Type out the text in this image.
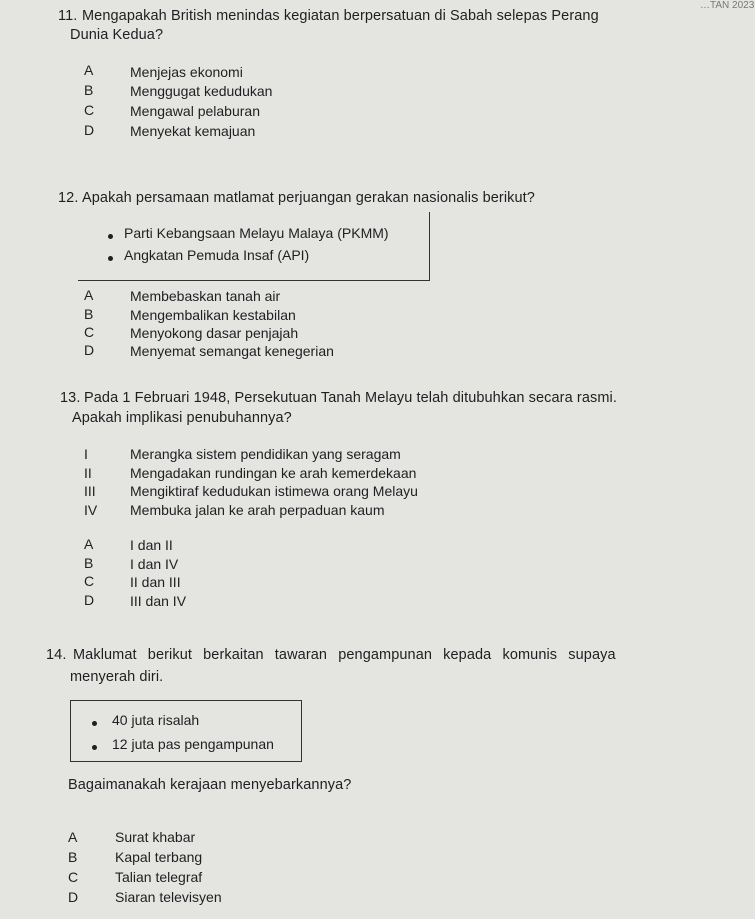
…TAN 2023
11. Mengapakah British menindas kegiatan berpersatuan di Sabah selepas Perang
Dunia Kedua?
A	Menjejas ekonomi
B	Menggugat kedudukan
C	Mengawal pelaburan
D	Menyekat kemajuan
12. Apakah persamaan matlamat perjuangan gerakan nasionalis berikut?
Parti Kebangsaan Melayu Malaya (PKMM)
Angkatan Pemuda Insaf (API)
A	Membebaskan tanah air
B	Mengembalikan kestabilan
C	Menyokong dasar penjajah
D	Menyemat semangat kenegerian
13. Pada 1 Februari 1948, Persekutuan Tanah Melayu telah ditubuhkan secara rasmi.
Apakah implikasi penubuhannya?
I	Merangka sistem pendidikan yang seragam
II	Mengadakan rundingan ke arah kemerdekaan
III Mengiktiraf kedudukan istimewa orang Melayu
IV Membuka jalan ke arah perpaduan kaum
A	I dan II
B	I dan IV
C	II dan III
D	III dan IV
14. Maklumat berikut berkaitan tawaran pengampunan kepada komunis supaya
menyerah diri.
40 juta risalah
12 juta pas pengampunan
Bagaimanakah kerajaan menyebarkannya?
A	Surat khabar
B	Kapal terbang
C	Talian telegraf
D	Siaran televisyen
